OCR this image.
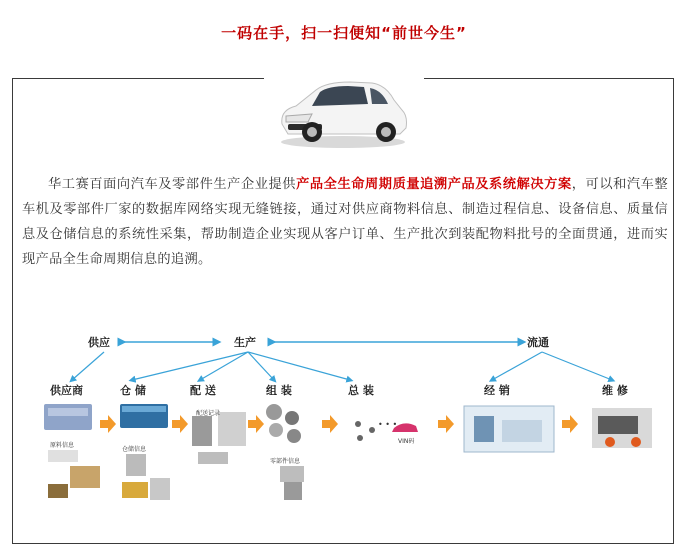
一码在手，扫一扫便知“前世今生”
华工赛百面向汽车及零部件生产企业提供产品全生命周期质量追溯产品及系统解决方案，可以和汽车整车机及零部件厂家的数据库网络实现无缝链接，通过对供应商物料信息、制造过程信息、设备信息、质量信息及仓储信息的系统性采集，帮助制造企业实现从客户订单、生产批次到装配物料批号的全面贯通，进而实现产品全生命周期信息的追溯。
供应	生产	流通
供应商	仓 储	配 送	组 装	总 装	经 销	维 修
原料信息
仓储信息
配送记录
零部件信息
• • •
VIN码
